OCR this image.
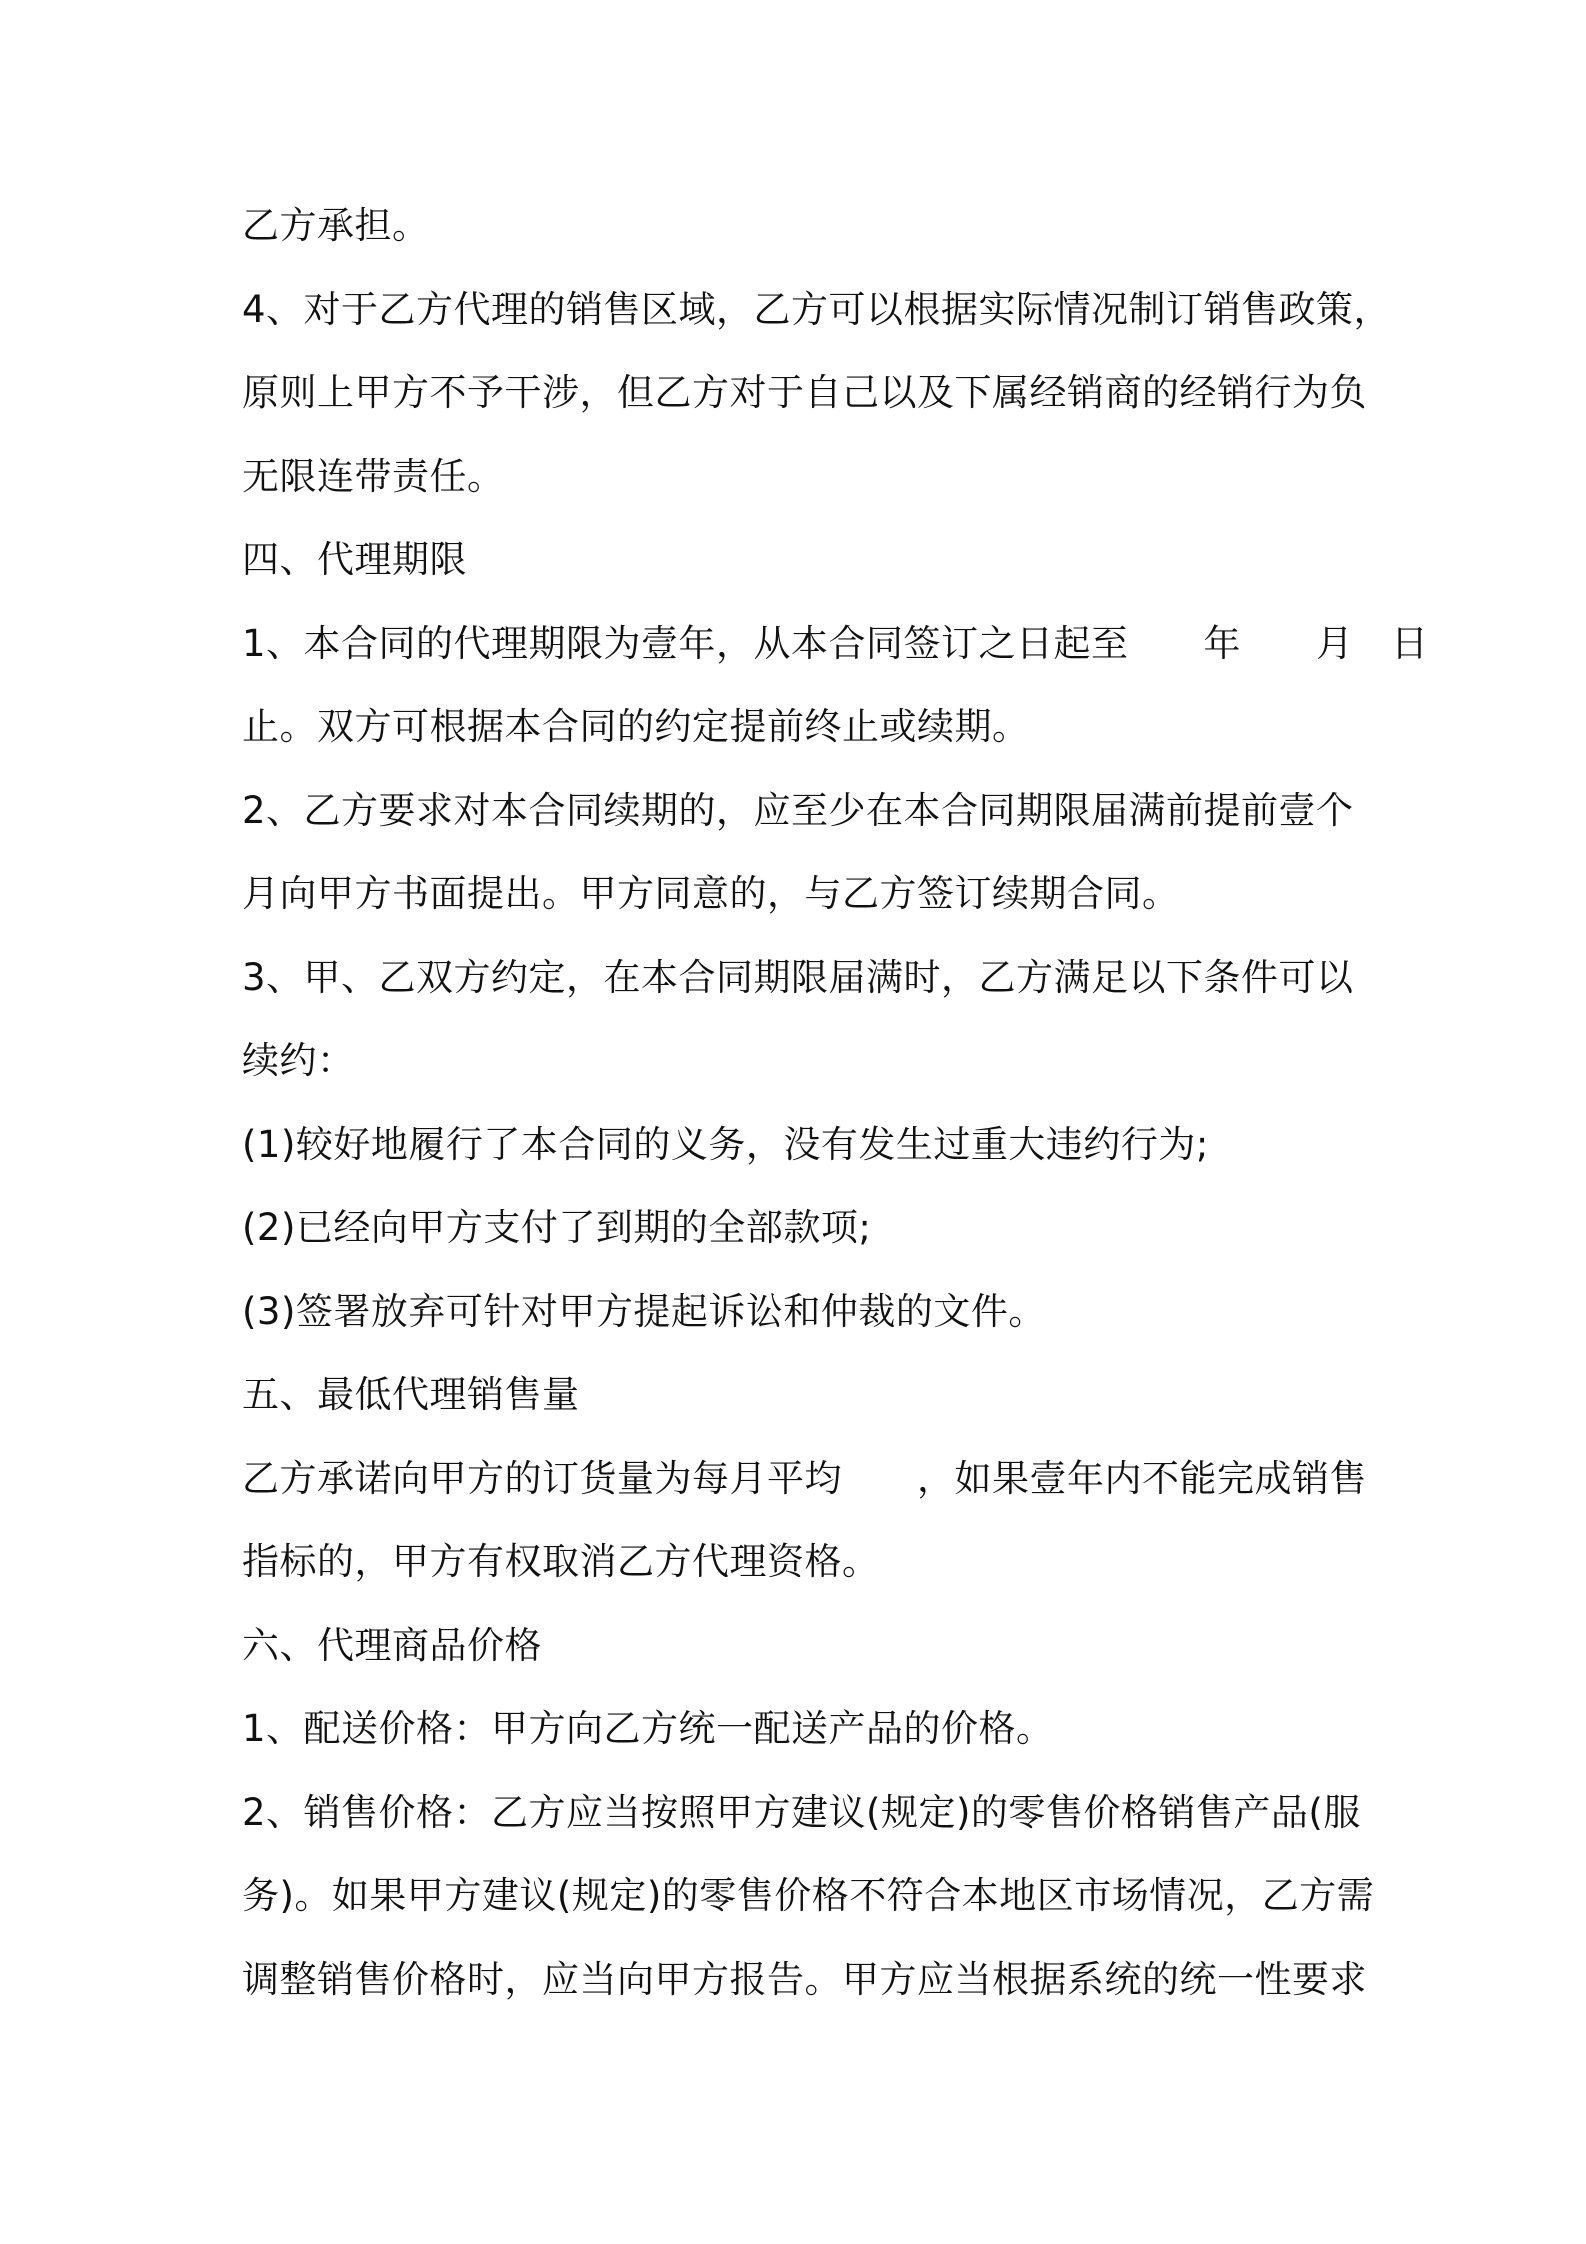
乙方承担。

4、对于乙方代理的销售区域，乙方可以根据实际情况制订销售政策，

原则上甲方不予干涉，但乙方对于自己以及下属经销商的经销行为负

无限连带责任。

四、代理期限

1、本合同的代理期限为壹年，从本合同签订之日起至　　年　　月　日

止。双方可根据本合同的约定提前终止或续期。

2、乙方要求对本合同续期的，应至少在本合同期限届满前提前壹个

月向甲方书面提出。甲方同意的，与乙方签订续期合同。

3、甲、乙双方约定，在本合同期限届满时，乙方满足以下条件可以

续约：

(1)较好地履行了本合同的义务，没有发生过重大违约行为;

(2)已经向甲方支付了到期的全部款项;

(3)签署放弃可针对甲方提起诉讼和仲裁的文件。

五、最低代理销售量

乙方承诺向甲方的订货量为每月平均　　，如果壹年内不能完成销售

指标的，甲方有权取消乙方代理资格。

六、代理商品价格

1、配送价格：甲方向乙方统一配送产品的价格。

2、销售价格：乙方应当按照甲方建议(规定)的零售价格销售产品(服

务)。如果甲方建议(规定)的零售价格不符合本地区市场情况，乙方需

调整销售价格时，应当向甲方报告。甲方应当根据系统的统一性要求
